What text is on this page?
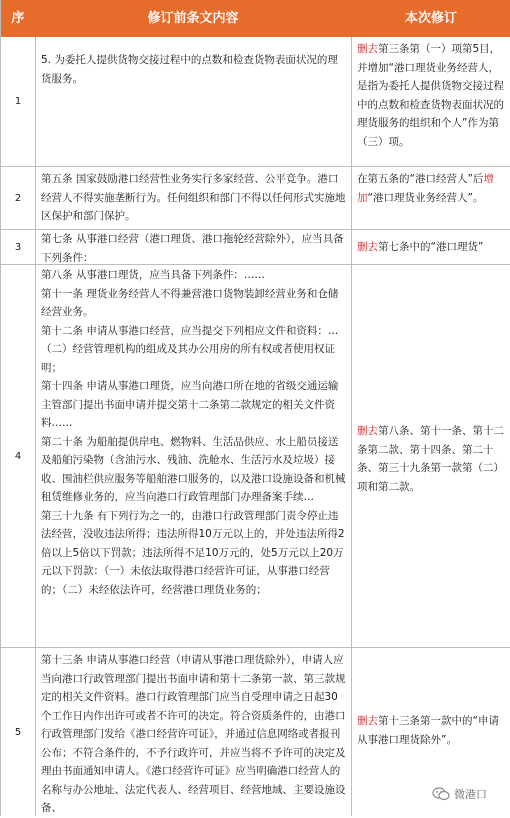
序	修订前条文内容	本次修订
1
5. 为委托人提供货物交接过程中的点数和检查货物表面状况的理货服务。
删去第三条第（一）项第5目，并增加“港口理货业务经营人，是指为委托人提供货物交接过程中的点数和检查货物表面状况的理货服务的组织和个人”作为第（三）项。
2
第五条 国家鼓励港口经营性业务实行多家经营、公平竞争。港口经营人不得实施垄断行为。任何组织和部门不得以任何形式实施地区保护和部门保护。
在第五条的“港口经营人”后增加“港口理货业务经营人”。
3
第七条 从事港口经营（港口理货、港口拖轮经营除外），应当具备下列条件：
删去第七条中的“港口理货”
4
第八条 从事港口理货，应当具备下列条件：……
第十一条 理货业务经营人不得兼营港口货物装卸经营业务和仓储经营业务。
第十二条 申请从事港口经营，应当提交下列相应文件和资料：…（二）经营管理机构的组成及其办公用房的所有权或者使用权证明；
第十四条 申请从事港口理货，应当向港口所在地的省级交通运输主管部门提出书面申请并提交第十二条第二款规定的相关文件资料……
第二十条 为船舶提供岸电、燃物料、生活品供应、水上船员接送及船舶污染物（含油污水、残油、洗舱水、生活污水及垃圾）接收、围油栏供应服务等船舶港口服务的，以及港口设施设备和机械租赁维修业务的，应当向港口行政管理部门办理备案手续…
第三十九条 有下列行为之一的，由港口行政管理部门责令停止违法经营，没收违法所得；违法所得10万元以上的，并处违法所得2倍以上5倍以下罚款；违法所得不足10万元的，处5万元以上20万元以下罚款：（一）未依法取得港口经营许可证，从事港口经营的；（二）未经依法许可，经营港口理货业务的；
删去第八条、第十一条、第十二条第二款、第十四条、第二十条、第三十九条第一款第（二）项和第二款。
5
第十三条 申请从事港口经营（申请从事港口理货除外），申请人应当向港口行政管理部门提出书面申请和第十二条第一款、第三款规定的相关文件资料。港口行政管理部门应当自受理申请之日起30个工作日内作出许可或者不许可的决定。符合资质条件的，由港口行政管理部门发给《港口经营许可证》，并通过信息网络或者报刊公布；不符合条件的，不予行政许可，并应当将不予许可的决定及理由书面通知申请人。《港口经营许可证》应当明确港口经营人的名称与办公地址、法定代表人、经营项目、经营地域、主要设施设备、
删去第十三条第一款中的“申请从事港口理货除外”。
微港口
